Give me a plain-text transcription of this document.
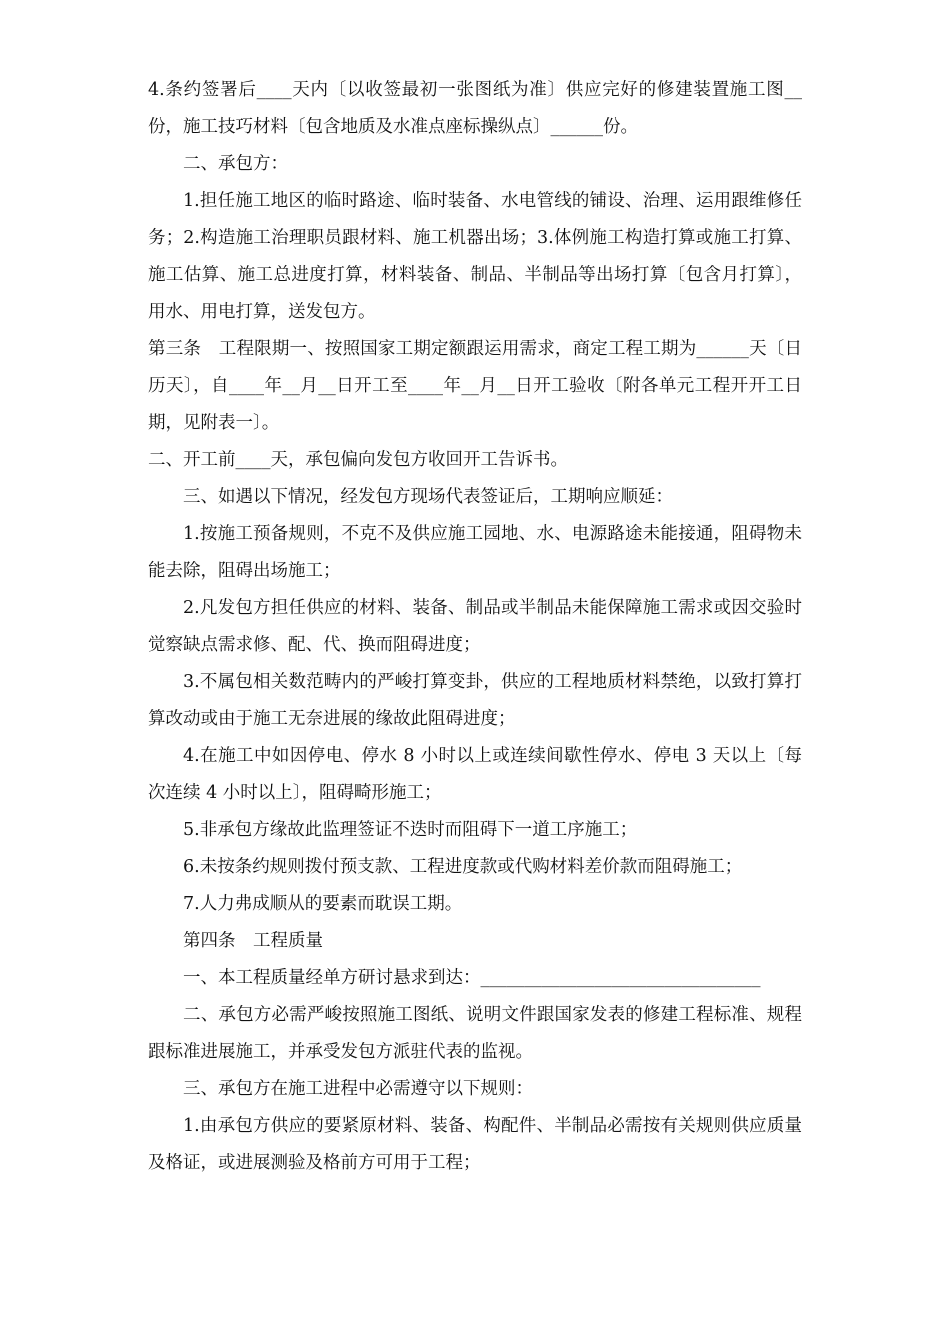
4.条约签署后____天内〔以收签最初一张图纸为准〕供应完好的修建装置施工图__份，施工技巧材料〔包含地质及水准点座标操纵点〕______份。

二、承包方：

1.担任施工地区的临时路途、临时装备、水电管线的铺设、治理、运用跟维修任务；2.构造施工治理职员跟材料、施工机器出场；3.体例施工构造打算或施工打算、施工估算、施工总进度打算，材料装备、制品、半制品等出场打算〔包含月打算〕，用水、用电打算，送发包方。

第三条　工程限期一、按照国家工期定额跟运用需求，商定工程工期为______天〔日历天〕，自____年__月__日开工至____年__月__日开工验收〔附各单元工程开开工日期，见附表一〕。

二、开工前____天，承包偏向发包方收回开工告诉书。

三、如遇以下情况，经发包方现场代表签证后，工期响应顺延：

1.按施工预备规则，不克不及供应施工园地、水、电源路途未能接通，阻碍物未能去除，阻碍出场施工；

2.凡发包方担任供应的材料、装备、制品或半制品未能保障施工需求或因交验时觉察缺点需求修、配、代、换而阻碍进度；

3.不属包相关数范畴内的严峻打算变卦，供应的工程地质材料禁绝，以致打算打算改动或由于施工无奈进展的缘故此阻碍进度；

4.在施工中如因停电、停水 8 小时以上或连续间歇性停水、停电 3 天以上〔每次连续 4 小时以上〕，阻碍畸形施工；

5.非承包方缘故此监理签证不迭时而阻碍下一道工序施工；

6.未按条约规则拨付预支款、工程进度款或代购材料差价款而阻碍施工；

7.人力弗成顺从的要素而耽误工期。

第四条　工程质量

一、本工程质量经单方研讨悬求到达：________________________________

二、承包方必需严峻按照施工图纸、说明文件跟国家发表的修建工程标准、规程跟标准进展施工，并承受发包方派驻代表的监视。

三、承包方在施工进程中必需遵守以下规则：

1.由承包方供应的要紧原材料、装备、构配件、半制品必需按有关规则供应质量及格证，或进展测验及格前方可用于工程；
